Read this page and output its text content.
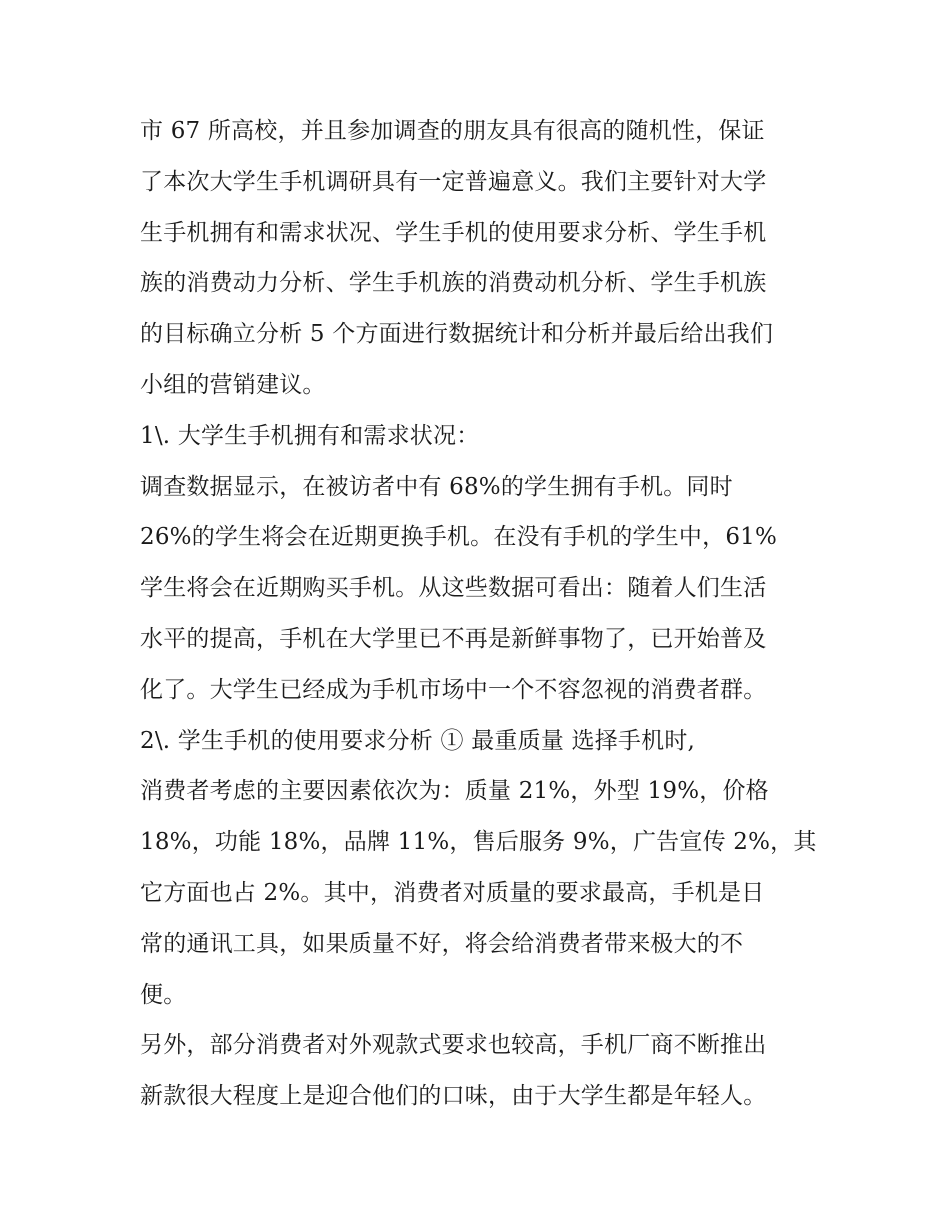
市 67 所高校，并且参加调查的朋友具有很高的随机性，保证
了本次大学生手机调研具有一定普遍意义。我们主要针对大学
生手机拥有和需求状况、学生手机的使用要求分析、学生手机
族的消费动力分析、学生手机族的消费动机分析、学生手机族
的目标确立分析 5 个方面进行数据统计和分析并最后给出我们
小组的营销建议。
1\. 大学生手机拥有和需求状况：
调查数据显示，在被访者中有 68%的学生拥有手机。同时
26%的学生将会在近期更换手机。在没有手机的学生中，61%
学生将会在近期购买手机。从这些数据可看出：随着人们生活
水平的提高，手机在大学里已不再是新鲜事物了，已开始普及
化了。大学生已经成为手机市场中一个不容忽视的消费者群。
2\. 学生手机的使用要求分析 ① 最重质量 选择手机时,
消费者考虑的主要因素依次为：质量 21%，外型 19%，价格
18%，功能 18%，品牌 11%，售后服务 9%，广告宣传 2%，其
它方面也占 2%。其中，消费者对质量的要求最高，手机是日
常的通讯工具，如果质量不好，将会给消费者带来极大的不
便。
另外，部分消费者对外观款式要求也较高，手机厂商不断推出
新款很大程度上是迎合他们的口味，由于大学生都是年轻人。
